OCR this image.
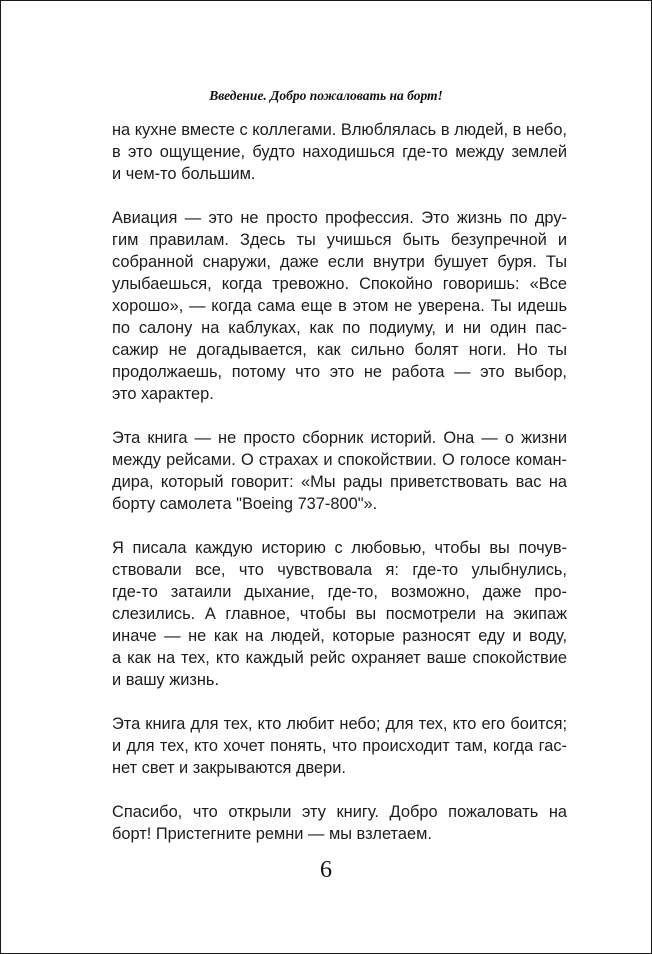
Введение. Добро пожаловать на борт!
на кухне вместе с коллегами. Влюблялась в людей, в небо,
в это ощущение, будто находишься где-то между землей
и чем-то большим.
Авиация — это не просто профессия. Это жизнь по дру-
гим правилам. Здесь ты учишься быть безупречной и
собранной снаружи, даже если внутри бушует буря. Ты
улыбаешься, когда тревожно. Спокойно говоришь: «Все
хорошо», — когда сама еще в этом не уверена. Ты идешь
по салону на каблуках, как по подиуму, и ни один пас-
сажир не догадывается, как сильно болят ноги. Но ты
продолжаешь, потому что это не работа — это выбор,
это характер.
Эта книга — не просто сборник историй. Она — о жизни
между рейсами. О страхах и спокойствии. О голосе коман-
дира, который говорит: «Мы рады приветствовать вас на
борту самолета "Boeing 737-800"».
Я писала каждую историю с любовью, чтобы вы почув-
ствовали все, что чувствовала я: где-то улыбнулись,
где-то затаили дыхание, где-то, возможно, даже про-
слезились. А главное, чтобы вы посмотрели на экипаж
иначе — не как на людей, которые разносят еду и воду,
а как на тех, кто каждый рейс охраняет ваше спокойствие
и вашу жизнь.
Эта книга для тех, кто любит небо; для тех, кто его боится;
и для тех, кто хочет понять, что происходит там, когда гас-
нет свет и закрываются двери.
Спасибо, что открыли эту книгу. Добро пожаловать на
борт! Пристегните ремни — мы взлетаем.
6
